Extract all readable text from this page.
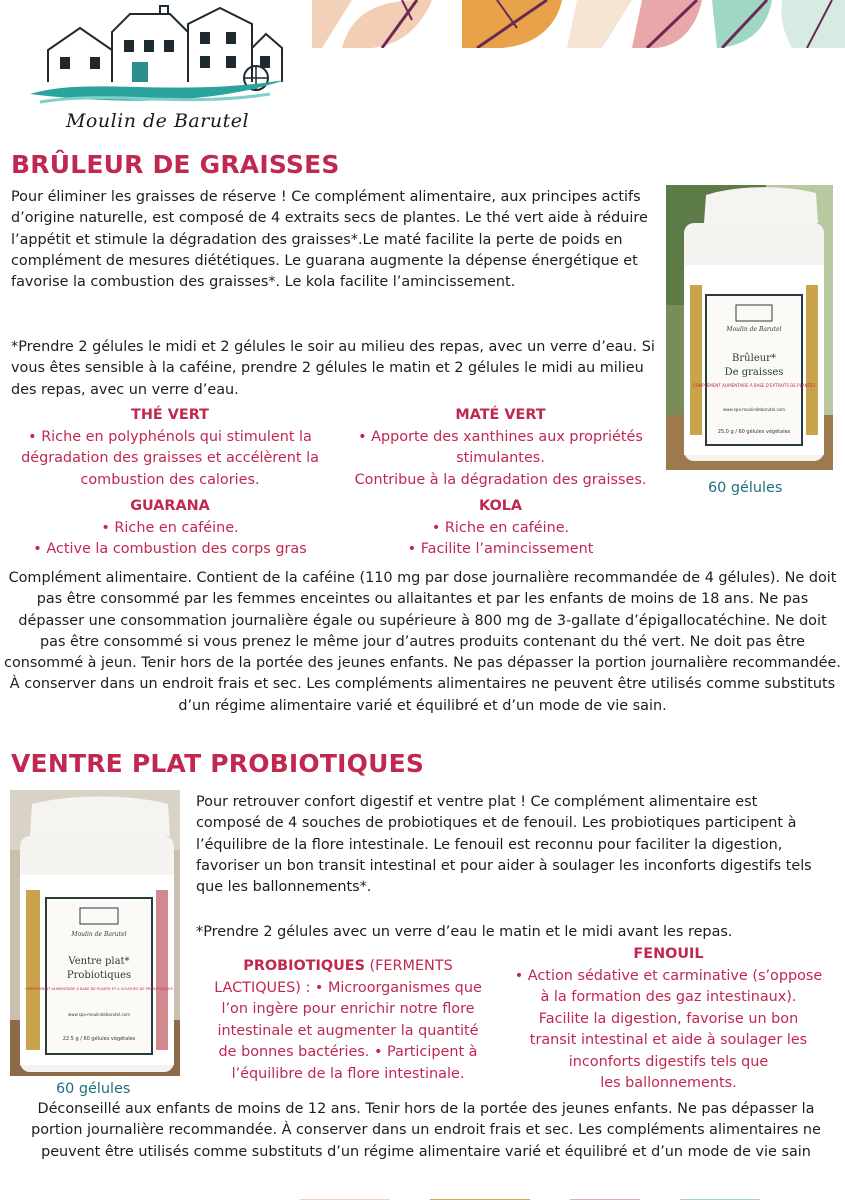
Moulin de Barutel
BRÛLEUR DE GRAISSES

Pour éliminer les graisses de réserve ! Ce complément alimentaire, aux principes actifs d’origine naturelle, est composé de 4 extraits secs de plantes. Le thé vert aide à réduire l’appétit et stimule la dégradation des graisses*.Le maté facilite la perte de poids en complément de mesures diététiques. Le guarana augmente la dépense énergétique et favorise la combustion des graisses*. Le kola facilite l’amincissement.

*Prendre 2 gélules le midi et 2 gélules le soir au milieu des repas, avec un verre d’eau. Si vous êtes sensible à la caféine, prendre 2 gélules le matin et 2 gélules le midi au milieu des repas, avec un verre d’eau.

Moulin de Barutel
Brûleur*
De graisses
COMPLÉMENT ALIMENTAIRE À BASE D'EXTRAITS DE PLANTES
www.spa-moulindebarutel.com
25,0 g / 60 gélules végétales
60 gélules
THÉ VERT
• Riche en polyphénols qui stimulent la
dégradation des graisses et accélèrent la
combustion des calories.
MATÉ VERT
• Apporte des xanthines aux propriétés
stimulantes.
Contribue à la dégradation des graisses.
GUARANA
• Riche en caféine.
• Active la combustion des corps gras
KOLA
• Riche en caféine.
• Facilite l’amincissement

Complément alimentaire. Contient de la caféine (110 mg par dose journalière recommandée de 4 gélules). Ne doit pas être consommé par les femmes enceintes ou allaitantes et par les enfants de moins de 18 ans. Ne pas dépasser une consommation journalière égale ou supérieure à 800 mg de 3-gallate d’épigallocatéchine. Ne doit pas être consommé si vous prenez le même jour d’autres produits contenant du thé vert. Ne doit pas être consommé à jeun. Tenir hors de la portée des jeunes enfants. Ne pas dépasser la portion journalière recommandée. À conserver dans un endroit frais et sec. Les compléments alimentaires ne peuvent être utilisés comme substituts d’un régime alimentaire varié et équilibré et d’un mode de vie sain.

VENTRE PLAT PROBIOTIQUES
Moulin de Barutel
Ventre plat*
Probiotiques
COMPLÉMENT ALIMENTAIRE À BASE DE PLANTE ET 4 SOUCHES DE PROBIOTIQUES
www.spa-moulindebarutel.com
22,5 g / 60 gélules végétales
60 gélules

Pour retrouver confort digestif et ventre plat ! Ce complément alimentaire est composé de 4 souches de probiotiques et de fenouil. Les probiotiques participent à l’équilibre de la flore intestinale. Le fenouil est reconnu pour faciliter la digestion, favoriser un bon transit intestinal et pour aider à soulager les inconforts digestifs tels que les ballonnements*.

*Prendre 2 gélules avec un verre d’eau le matin et le midi avant les repas.

PROBIOTIQUES (FERMENTS
LACTIQUES) : • Microorganismes que
l’on ingère pour enrichir notre flore
intestinale et augmenter la quantité
de bonnes bactéries. • Participent à
l’équilibre de la flore intestinale.
FENOUIL
• Action sédative et carminative (s’oppose
à la formation des gaz intestinaux).
Facilite la digestion, favorise un bon
transit intestinal et aide à soulager les
inconforts digestifs tels que
les ballonnements.

Déconseillé aux enfants de moins de 12 ans. Tenir hors de la portée des jeunes enfants. Ne pas dépasser la portion journalière recommandée. À conserver dans un endroit frais et sec. Les compléments alimentaires ne peuvent être utilisés comme substituts d’un régime alimentaire varié et équilibré et d’un mode de vie sain
